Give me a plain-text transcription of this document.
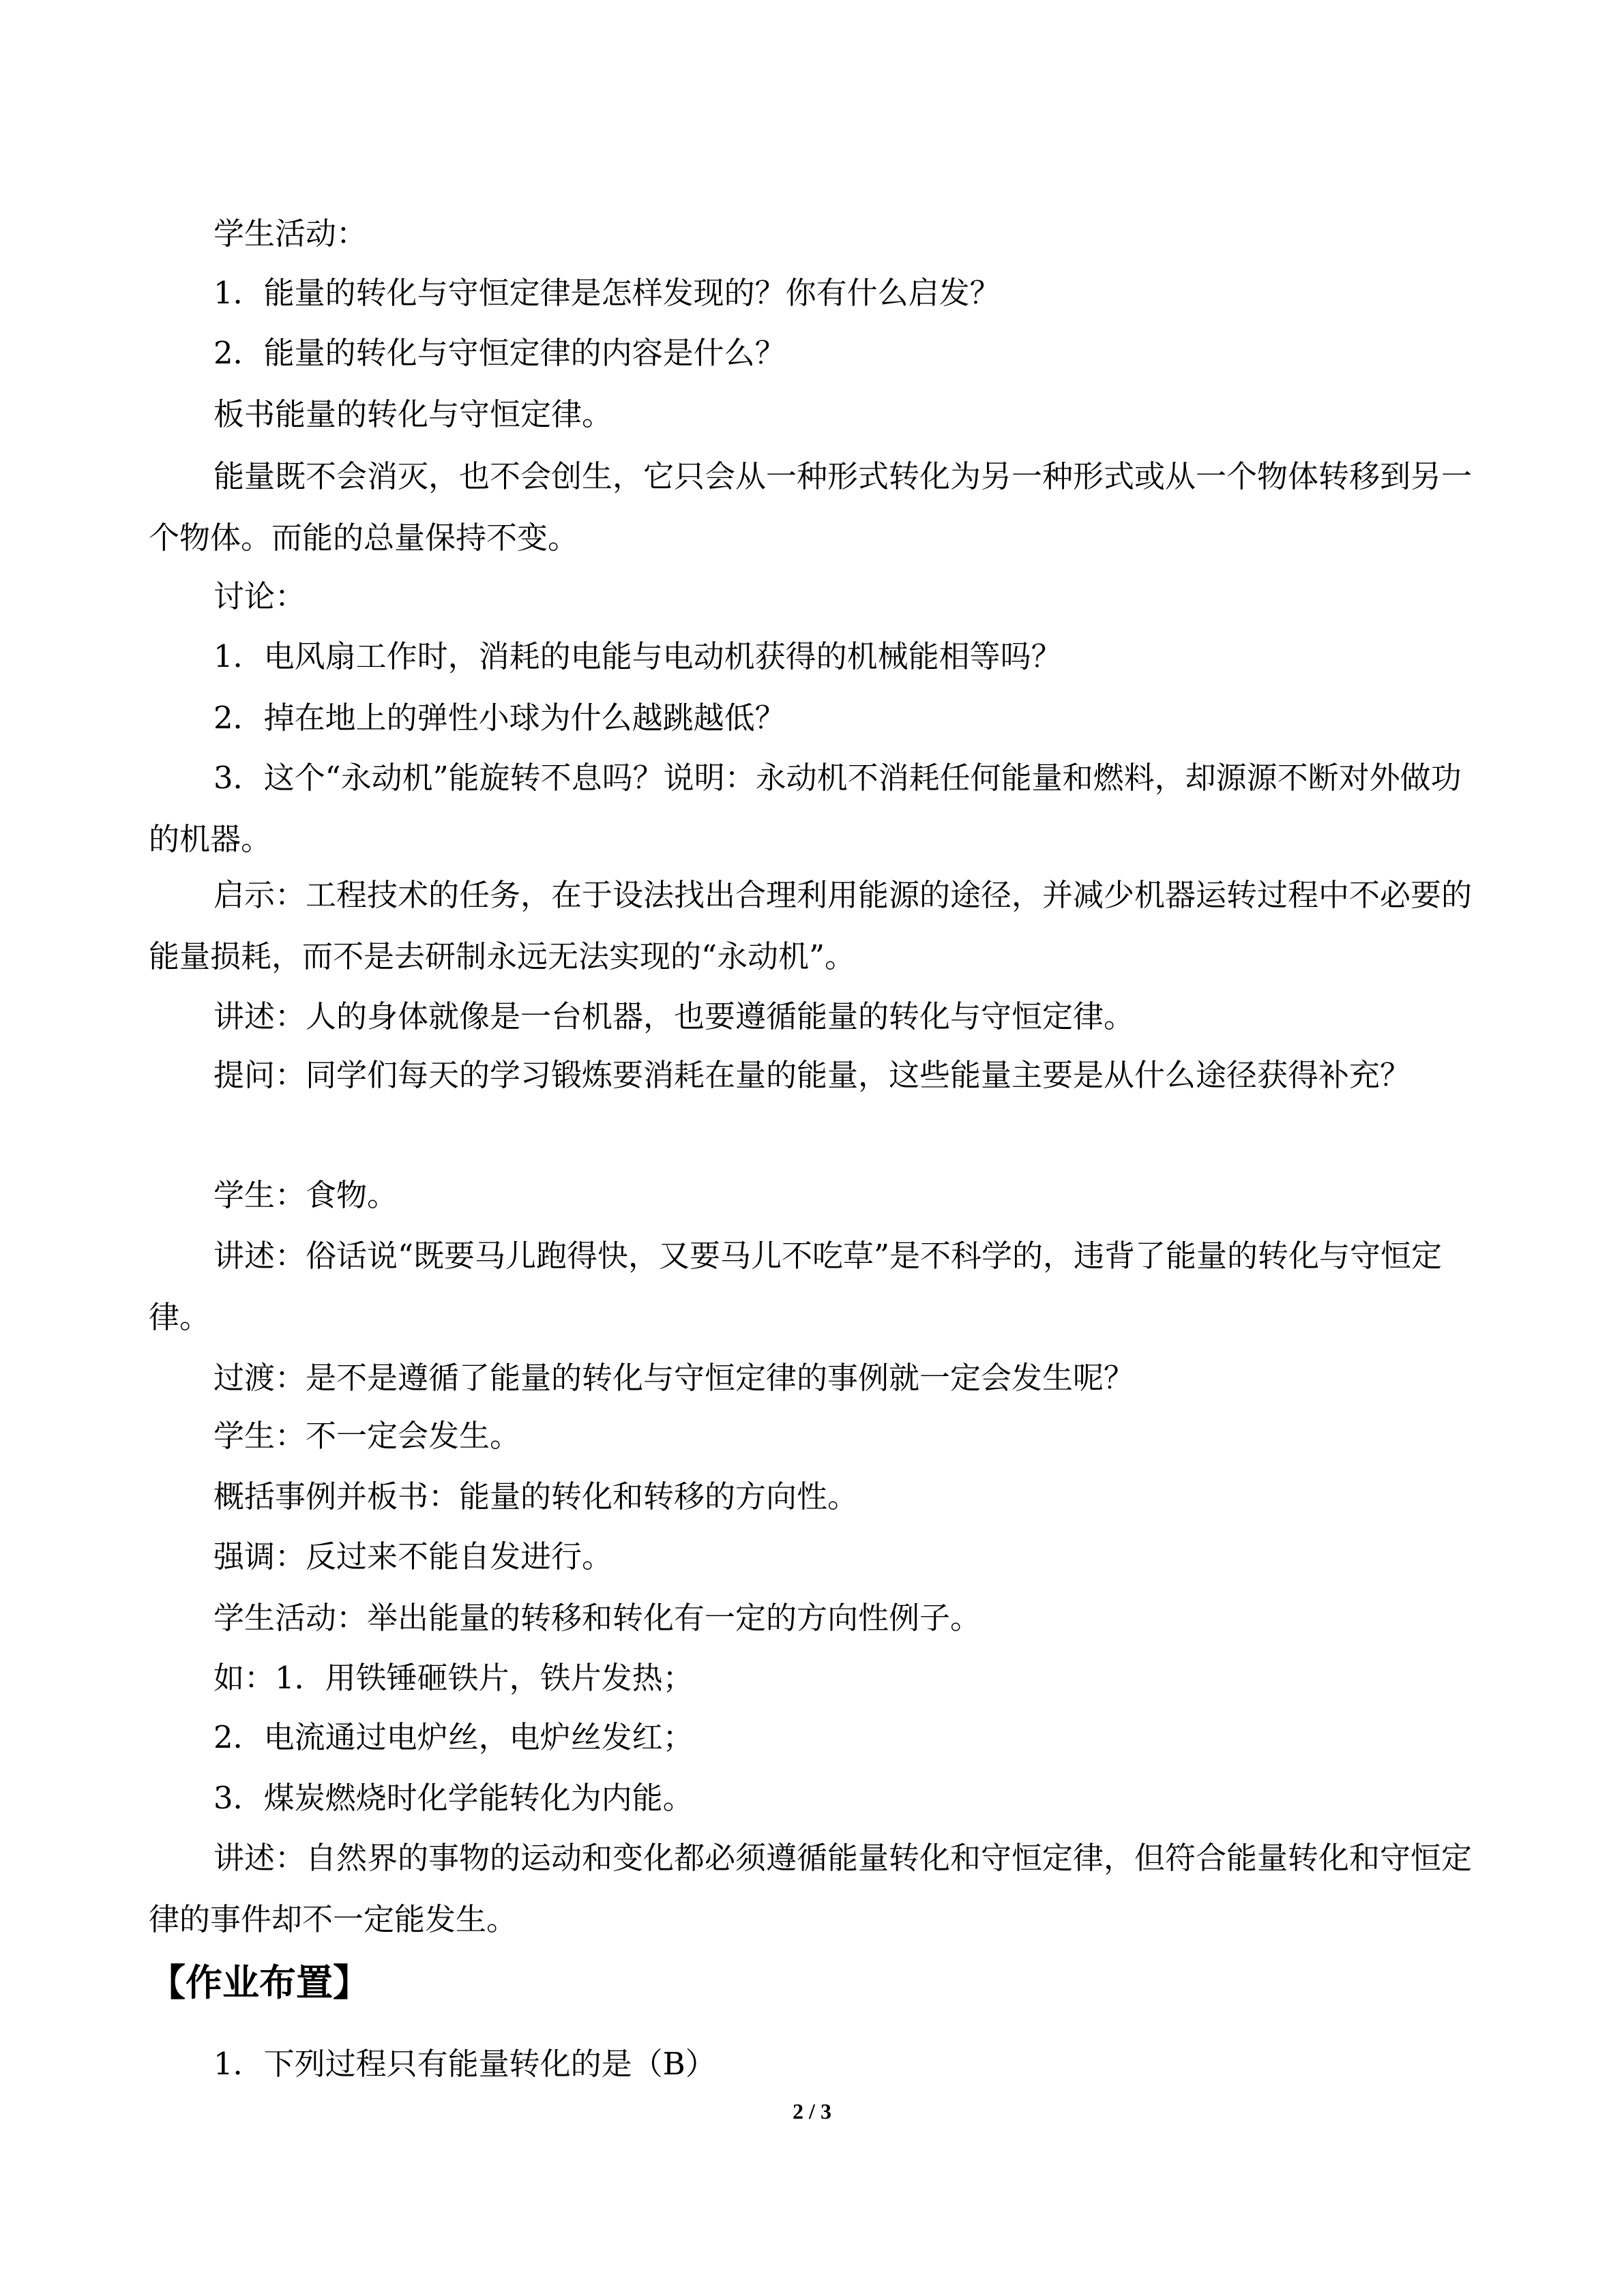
学生活动：

1．能量的转化与守恒定律是怎样发现的？你有什么启发？

2．能量的转化与守恒定律的内容是什么？

板书能量的转化与守恒定律。

能量既不会消灭，也不会创生，它只会从一种形式转化为另一种形式或从一个物体转移到另一个物体。而能的总量保持不变。

讨论：

1．电风扇工作时，消耗的电能与电动机获得的机械能相等吗？

2．掉在地上的弹性小球为什么越跳越低？

3．这个“永动机”能旋转不息吗？说明：永动机不消耗任何能量和燃料，却源源不断对外做功的机器。

启示：工程技术的任务，在于设法找出合理利用能源的途径，并减少机器运转过程中不必要的能量损耗，而不是去研制永远无法实现的“永动机”。

讲述：人的身体就像是一台机器，也要遵循能量的转化与守恒定律。

提问：同学们每天的学习锻炼要消耗在量的能量，这些能量主要是从什么途径获得补充？

学生：食物。

讲述：俗话说“既要马儿跑得快，又要马儿不吃草”是不科学的，违背了能量的转化与守恒定律。

过渡：是不是遵循了能量的转化与守恒定律的事例就一定会发生呢？

学生：不一定会发生。

概括事例并板书：能量的转化和转移的方向性。

强调：反过来不能自发进行。

学生活动：举出能量的转移和转化有一定的方向性例子。

如：1．用铁锤砸铁片，铁片发热；

2．电流通过电炉丝，电炉丝发红；

3．煤炭燃烧时化学能转化为内能。

讲述：自然界的事物的运动和变化都必须遵循能量转化和守恒定律，但符合能量转化和守恒定律的事件却不一定能发生。

【作业布置】

1．下列过程只有能量转化的是（B）

2 / 3
